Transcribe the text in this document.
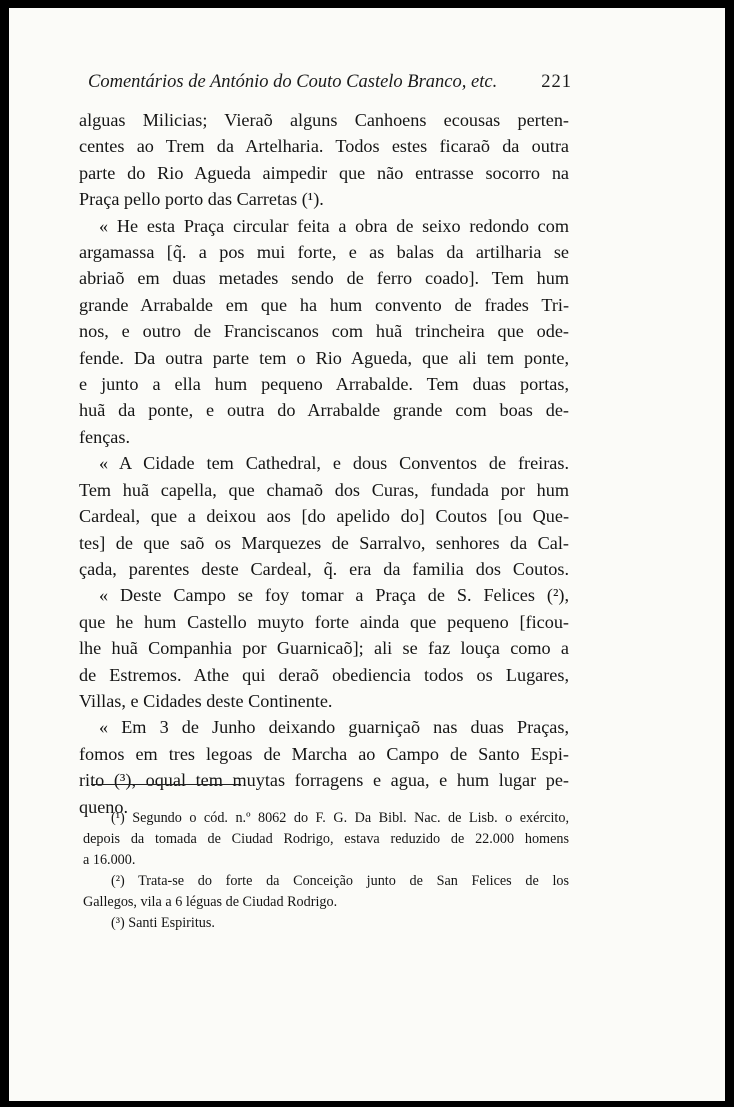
Comentários de António do Couto Castelo Branco, etc. 221
alguas Milicias; Vieraõ alguns Canhoens ecousas perten-
centes ao Trem da Artelharia. Todos estes ficaraõ da outra
parte do Rio Agueda aimpedir que não entrasse socorro na
Praça pello porto das Carretas (¹).
« He esta Praça circular feita a obra de seixo redondo com
argamassa [q̃. a pos mui forte, e as balas da artilharia se
abriaõ em duas metades sendo de ferro coado]. Tem hum
grande Arrabalde em que ha hum convento de frades Tri-
nos, e outro de Franciscanos com huã trincheira que ode-
fende. Da outra parte tem o Rio Agueda, que ali tem ponte,
e junto a ella hum pequeno Arrabalde. Tem duas portas,
huã da ponte, e outra do Arrabalde grande com boas de-
fenças.
« A Cidade tem Cathedral, e dous Conventos de freiras.
Tem huã capella, que chamaõ dos Curas, fundada por hum
Cardeal, que a deixou aos [do apelido do] Coutos [ou Que-
tes] de que saõ os Marquezes de Sarralvo, senhores da Cal-
çada, parentes deste Cardeal, q̃. era da familia dos Coutos.
« Deste Campo se foy tomar a Praça de S. Felices (²),
que he hum Castello muyto forte ainda que pequeno [ficou-
lhe huã Companhia por Guarnicaõ]; ali se faz louça como a
de Estremos. Athe qui deraõ obediencia todos os Lugares,
Villas, e Cidades deste Continente.
« Em 3 de Junho deixando guarniçaõ nas duas Praças,
fomos em tres legoas de Marcha ao Campo de Santo Espi-
rito (³), oqual tem muytas forragens e agua, e hum lugar pe-
queno.
(¹) Segundo o cód. n.º 8062 do F. G. Da Bibl. Nac. de Lisb. o exército,
depois da tomada de Ciudad Rodrigo, estava reduzido de 22.000 homens
a 16.000.
(²) Trata-se do forte da Conceição junto de San Felices de los
Gallegos, vila a 6 léguas de Ciudad Rodrigo.
(³) Santi Espiritus.
